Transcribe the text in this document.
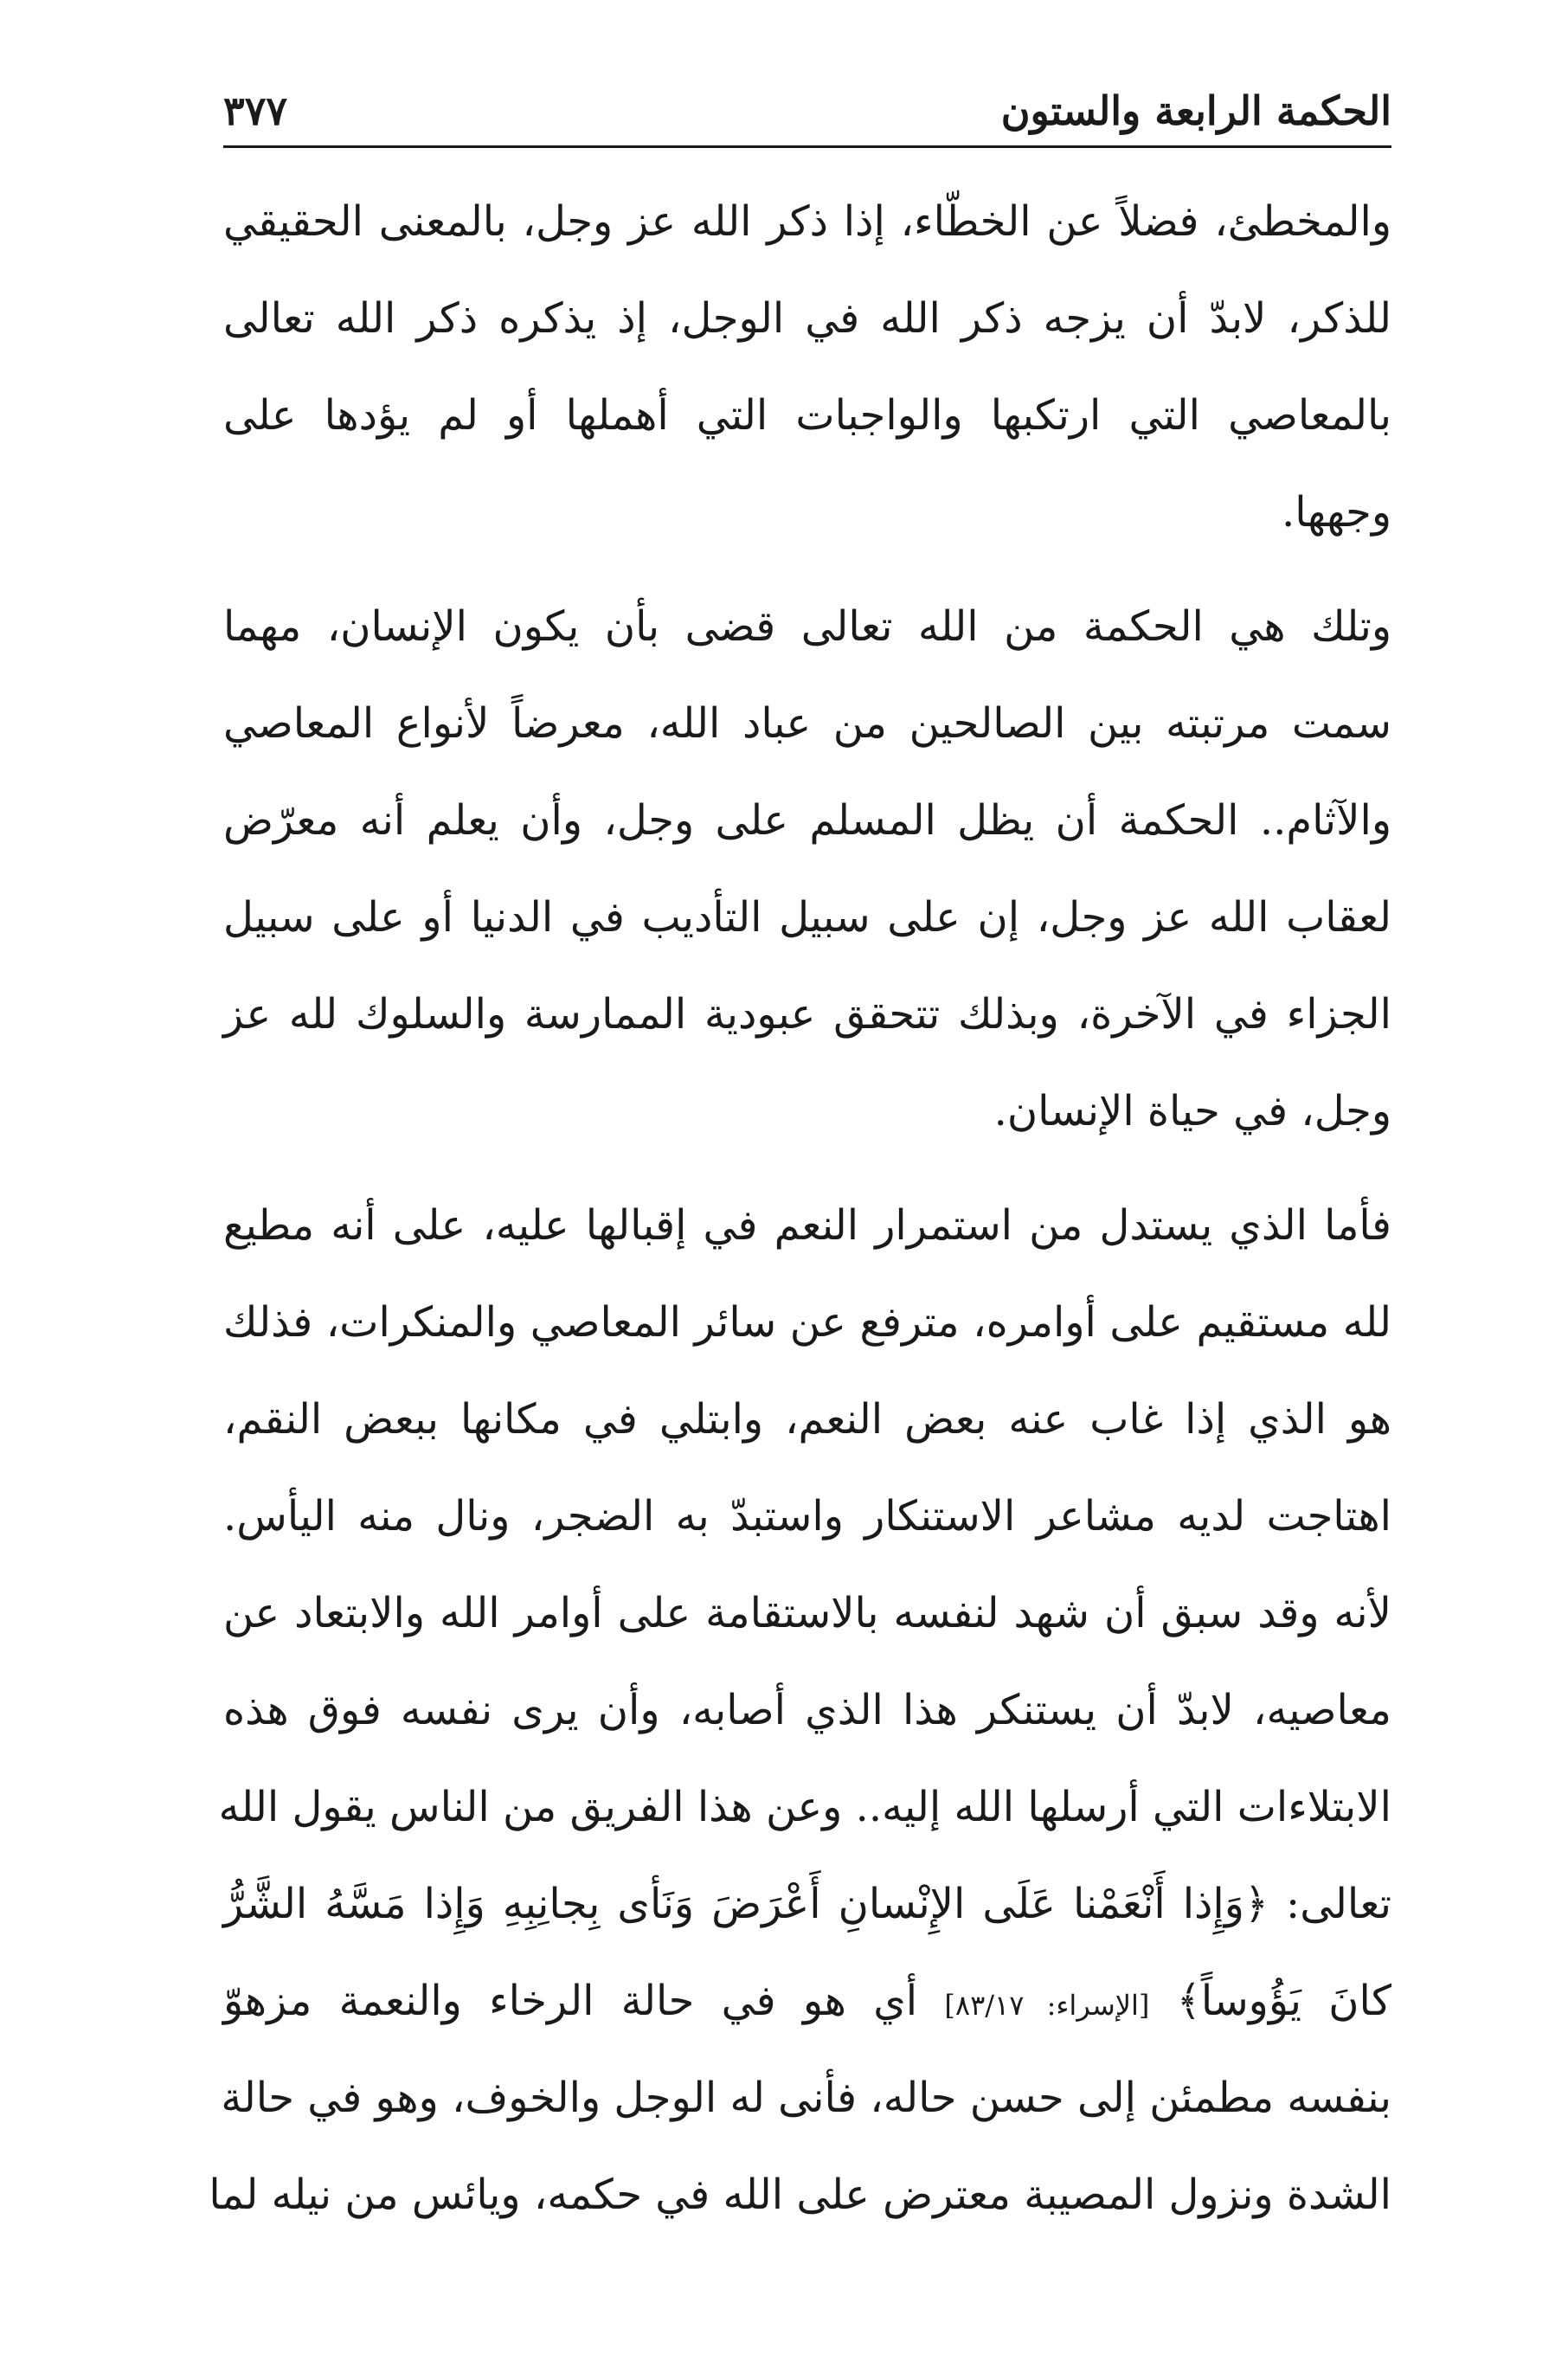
الحكمة الرابعة والستون
٣٧٧
والمخطئ، فضلاً عن الخطّاء، إذا ذكر الله عز وجل، بالمعنى الحقيقي
للذكر، لابدّ أن يزجه ذكر الله في الوجل، إذ يذكره ذكر الله تعالى
بالمعاصي التي ارتكبها والواجبات التي أهملها أو لم يؤدها على
وجهها.
وتلك هي الحكمة من الله تعالى قضى بأن يكون الإنسان، مهما
سمت مرتبته بين الصالحين من عباد الله، معرضاً لأنواع المعاصي
والآثام.. الحكمة أن يظل المسلم على وجل، وأن يعلم أنه معرّض
لعقاب الله عز وجل، إن على سبيل التأديب في الدنيا أو على سبيل
الجزاء في الآخرة، وبذلك تتحقق عبودية الممارسة والسلوك لله عز
وجل، في حياة الإنسان.
فأما الذي يستدل من استمرار النعم في إقبالها عليه، على أنه مطيع
لله مستقيم على أوامره، مترفع عن سائر المعاصي والمنكرات، فذلك
هو الذي إذا غاب عنه بعض النعم، وابتلي في مكانها ببعض النقم،
اهتاجت لديه مشاعر الاستنكار واستبدّ به الضجر، ونال منه اليأس.
لأنه وقد سبق أن شهد لنفسه بالاستقامة على أوامر الله والابتعاد عن
معاصيه، لابدّ أن يستنكر هذا الذي أصابه، وأن يرى نفسه فوق هذه
الابتلاءات التي أرسلها الله إليه.. وعن هذا الفريق من الناس يقول الله
تعالى: ﴿وَإِذا أَنْعَمْنا عَلَى الإِنْسانِ أَعْرَضَ وَنَأى بِجانِبِهِ وَإِذا مَسَّهُ الشَّرُّ
كانَ يَؤُوساً﴾ [الإسراء: ٨٣/١٧] أي هو في حالة الرخاء والنعمة مزهوّ
بنفسه مطمئن إلى حسن حاله، فأنى له الوجل والخوف، وهو في حالة
الشدة ونزول المصيبة معترض على الله في حكمه، ويائس من نيله لما
